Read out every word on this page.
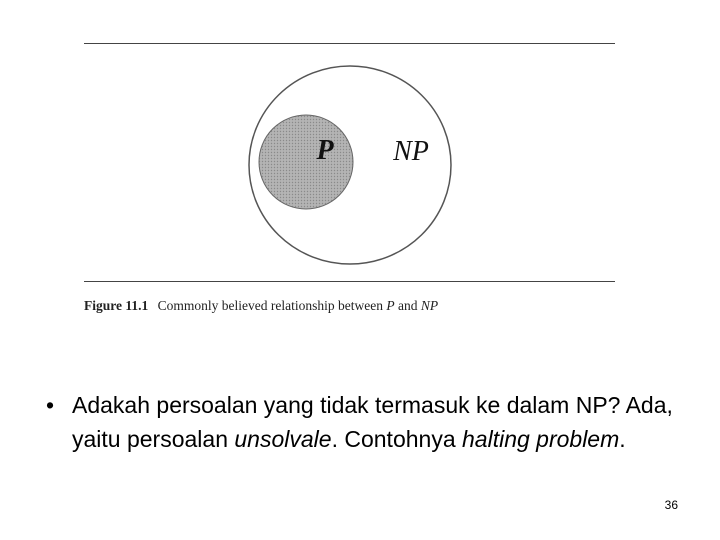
P NP
Figure 11.1 Commonly believed relationship between P and NP
• Adakah persoalan yang tidak termasuk ke dalam NP? Ada, yaitu persoalan unsolvale. Contohnya halting problem.
36
